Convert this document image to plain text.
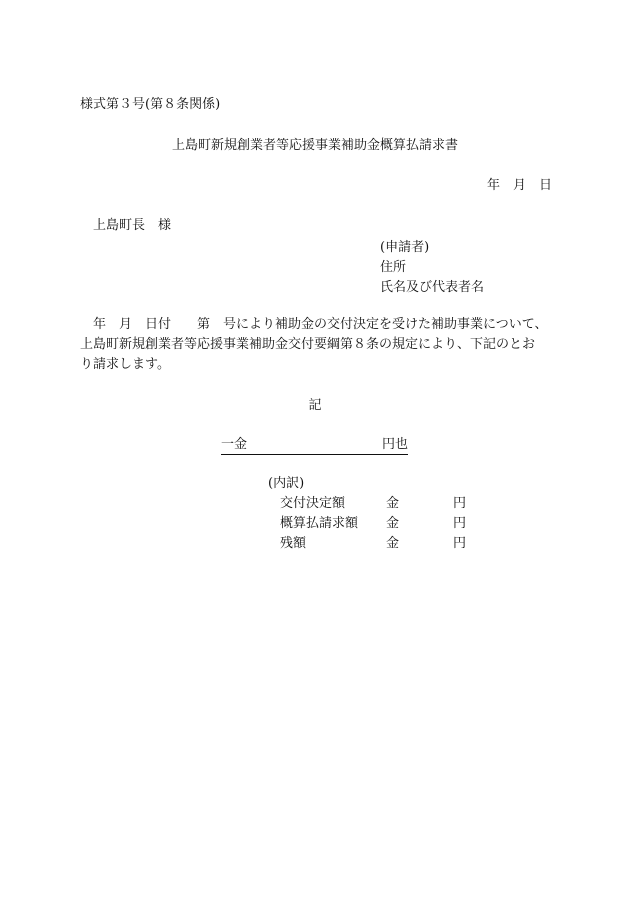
様式第３号(第８条関係)
上島町新規創業者等応援事業補助金概算払請求書
年　月　日
上島町長　様
(申請者)
住所
氏名及び代表者名
　年　月　日付　　第　号により補助金の交付決定を受けた補助事業について、
上島町新規創業者等応援事業補助金交付要綱第８条の規定により、下記のとお
り請求します。
記
一金	円也
(内訳)
交付決定額	金	円
概算払請求額 金	円
残額	金	円
